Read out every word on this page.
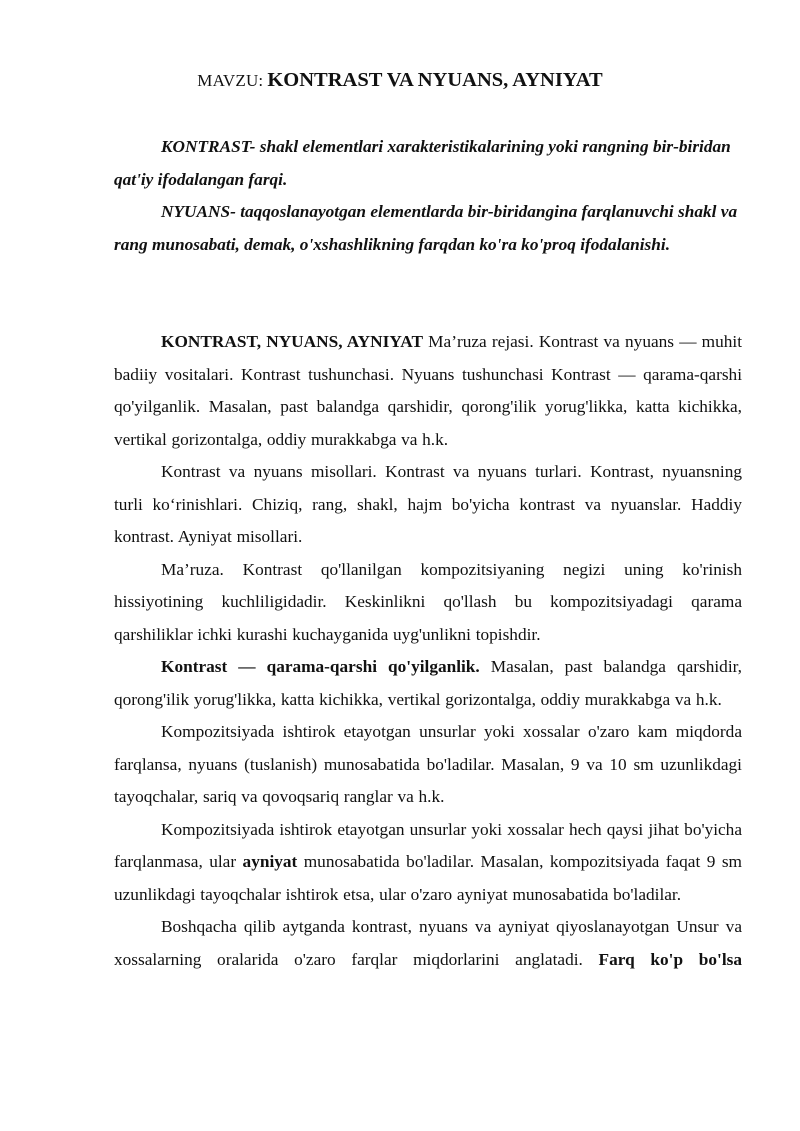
MAVZU: KONTRAST VA NYUANS, AYNIYAT

KONTRAST- shakl elementlari xarakteristikalarining yoki rangning bir-biridan qat'iy ifodalangan farqi.

NYUANS- taqqoslanayotgan elementlarda bir-biridangina farqlanuvchi shakl va rang munosabati, demak, o'xshashlikning farqdan ko'ra ko'proq ifodalanishi.

KONTRAST, NYUANS, AYNIYAT Ma’ruza rejasi. Kontrast va nyuans — muhit badiiy vositalari. Kontrast tushunchasi. Nyuans tushunchasi Kontrast — qarama-qarshi qo'yilganlik. Masalan, past balandga qarshidir, qorong'ilik yorug'likka, katta kichikka, vertikal gorizontalga, oddiy murakkabga va h.k.

Kontrast va nyuans misollari. Kontrast va nyuans turlari. Kontrast, nyuansning turli ko‘rinishlari. Chiziq, rang, shakl, hajm bo'yicha kontrast va nyuanslar. Haddiy kontrast. Ayniyat misollari.

Ma’ruza. Kontrast qo'llanilgan kompozitsiyaning negizi uning ko'rinish hissiyotining kuchliligidadir. Keskinlikni qo'llash bu kompozitsiyadagi qarama qarshiliklar ichki kurashi kuchayganida uyg'unlikni topishdir.

Kontrast — qarama-qarshi qo'yilganlik. Masalan, past balandga qarshidir, qorong'ilik yorug'likka, katta kichikka, vertikal gorizontalga, oddiy murakkabga va h.k.

Kompozitsiyada ishtirok etayotgan unsurlar yoki xossalar o'zaro kam miqdorda farqlansa, nyuans (tuslanish) munosabatida bo'ladilar. Masalan, 9 va 10 sm uzunlikdagi tayoqchalar, sariq va qovoqsariq ranglar va h.k.

Kompozitsiyada ishtirok etayotgan unsurlar yoki xossalar hech qaysi jihat bo'yicha farqlanmasa, ular ayniyat munosabatida bo'ladilar. Masalan, kompozitsiyada faqat 9 sm uzunlikdagi tayoqchalar ishtirok etsa, ular o'zaro ayniyat munosabatida bo'ladilar.

Boshqacha qilib aytganda kontrast, nyuans va ayniyat qiyoslanayotgan Unsur va xossalarning oralarida o'zaro farqlar miqdorlarini anglatadi. Farq ko'p bo'lsa
